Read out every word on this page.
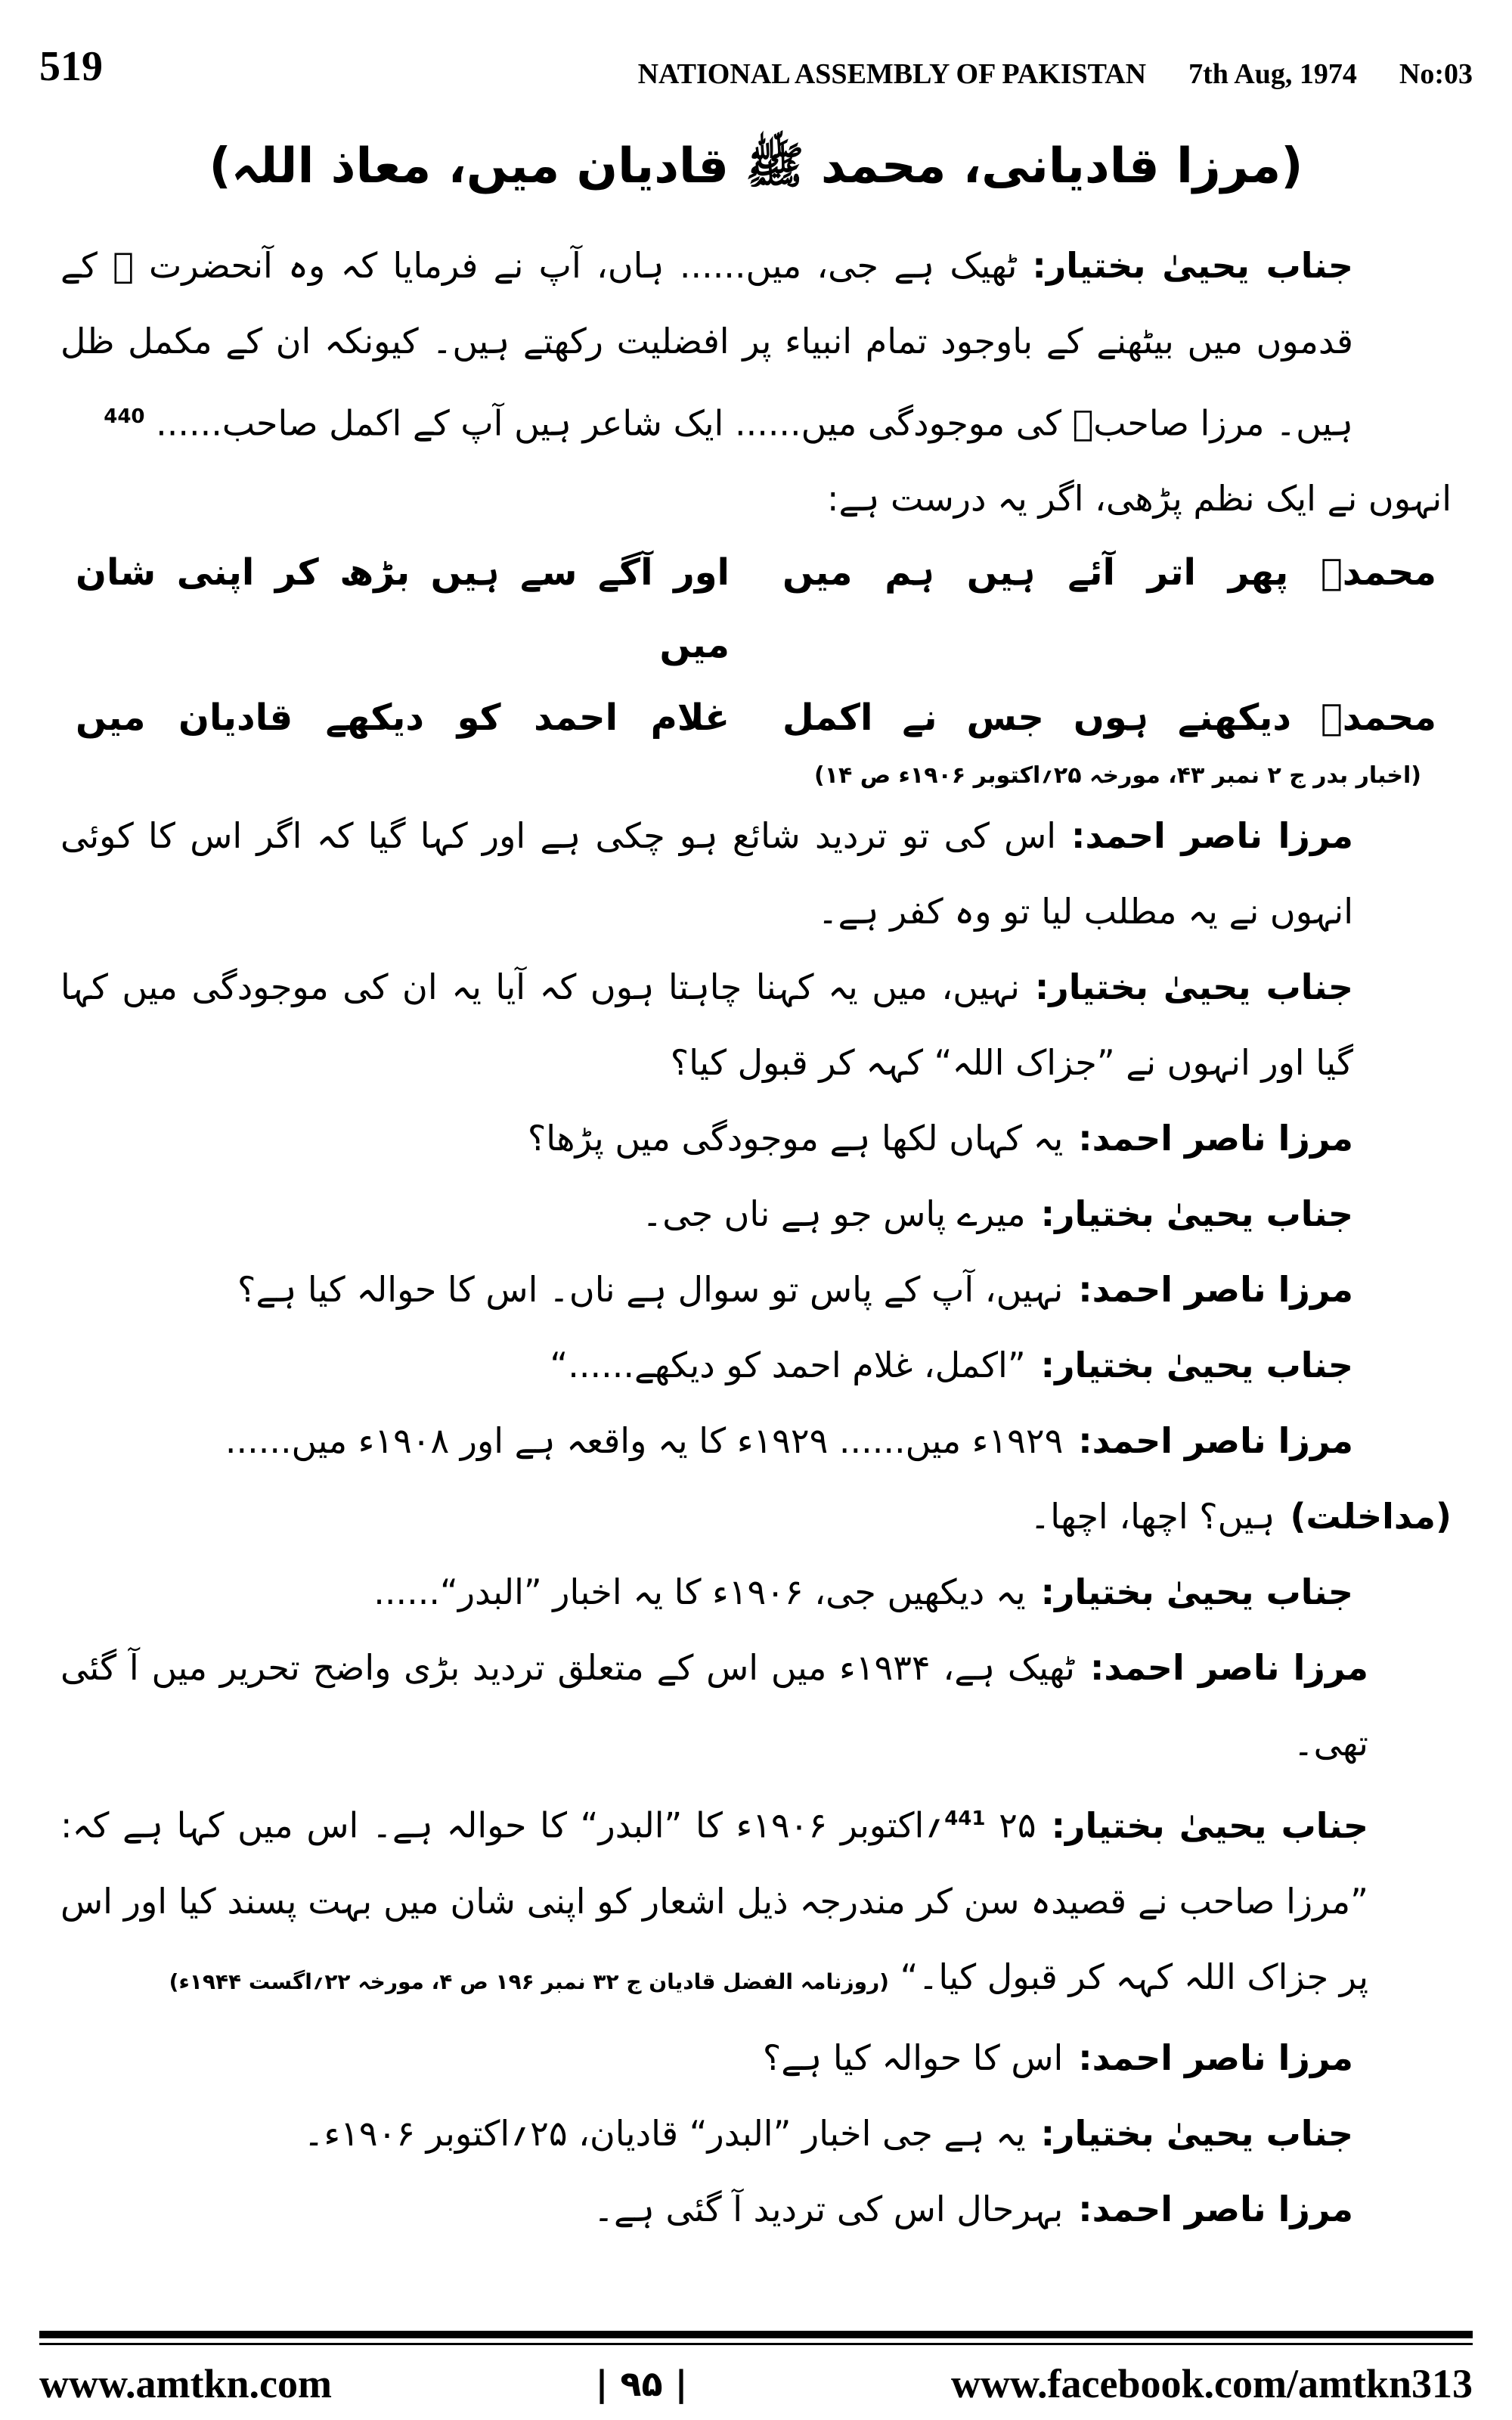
519	NATIONAL ASSEMBLY OF PAKISTAN 7th Aug, 1974 No:03
(مرزا قادیانی، محمد ﷺ قادیان میں، معاذ اللہ)

جناب یحییٰ بختیار:ٹھیک ہے جی، میں...... ہاں، آپ نے فرمایا کہ وہ آنحضرت ﷺ کے قدموں میں بیٹھنے کے باوجود تمام انبیاء پر افضلیت رکھتے ہیں۔ کیونکہ ان کے مکمل ظل ہیں۔ مرزا صاحبؑ کی موجودگی میں...... ایک شاعر ہیں آپ کے اکمل صاحب...... $^{440}$

انہوں نے ایک نظم پڑھی، اگر یہ درست ہے:

محمدؐ پھر اتر آئے ہیں ہم میں
اور آگے سے ہیں بڑھ کر اپنی شان میں
محمدؐ دیکھنے ہوں جس نے اکمل
غلام احمد کو دیکھے قادیان میں
(اخبار بدر ج ۲ نمبر ۴۳، مورخہ ۲۵؍اکتوبر ۱۹۰۶ء ص ۱۴)

مرزا ناصر احمد:اس کی تو تردید شائع ہو چکی ہے اور کہا گیا کہ اگر اس کا کوئی انہوں نے یہ مطلب لیا تو وہ کفر ہے۔

جناب یحییٰ بختیار:نہیں، میں یہ کہنا چاہتا ہوں کہ آیا یہ ان کی موجودگی میں کہا گیا اور انہوں نے ”جزاک اللہ“ کہہ کر قبول کیا؟

مرزا ناصر احمد:یہ کہاں لکھا ہے موجودگی میں پڑھا؟

جناب یحییٰ بختیار:میرے پاس جو ہے ناں جی۔

مرزا ناصر احمد:نہیں، آپ کے پاس تو سوال ہے ناں۔ اس کا حوالہ کیا ہے؟

جناب یحییٰ بختیار:”اکمل، غلام احمد کو دیکھے......“

مرزا ناصر احمد:۱۹۲۹ء میں...... ۱۹۲۹ء کا یہ واقعہ ہے اور ۱۹۰۸ء میں......

(مداخلت)ہیں؟ اچھا، اچھا۔

جناب یحییٰ بختیار:یہ دیکھیں جی، ۱۹۰۶ء کا یہ اخبار ”البدر“......

مرزا ناصر احمد:ٹھیک ہے، ۱۹۳۴ء میں اس کے متعلق تردید بڑی واضح تحریر میں آ گئی تھی۔

جناب یحییٰ بختیار:$^{441}$ ۲۵؍اکتوبر ۱۹۰۶ء کا ”البدر“ کا حوالہ ہے۔ اس میں کہا ہے کہ: ”مرزا صاحب نے قصیدہ سن کر مندرجہ ذیل اشعار کو اپنی شان میں بہت پسند کیا اور اس پر جزاک اللہ کہہ کر قبول کیا۔“ (روزنامہ الفضل قادیان ج ۳۲ نمبر ۱۹۶ ص ۴، مورخہ ۲۲؍اگست ۱۹۴۴ء)

مرزا ناصر احمد:اس کا حوالہ کیا ہے؟

جناب یحییٰ بختیار:یہ ہے جی اخبار ”البدر“ قادیان، ۲۵؍اکتوبر ۱۹۰۶ء۔

مرزا ناصر احمد:بہرحال اس کی تردید آ گئی ہے۔

www.amtkn.com	| ۹۵ |	www.facebook.com/amtkn313
